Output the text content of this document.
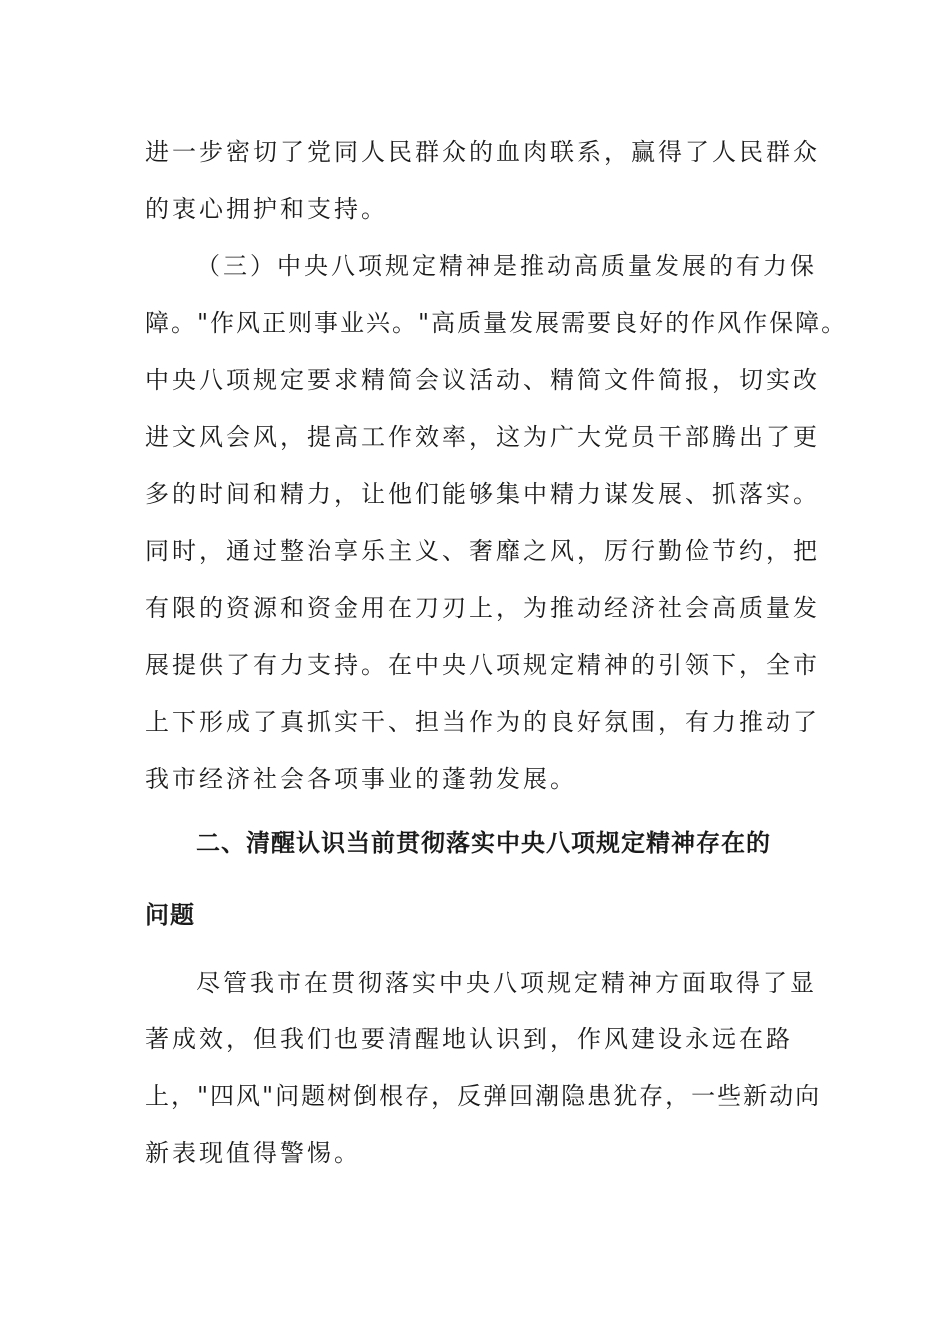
进一步密切了党同人民群众的血肉联系，赢得了人民群众
的衷心拥护和支持。
（三）中央八项规定精神是推动高质量发展的有力保
障。"作风正则事业兴。"高质量发展需要良好的作风作保障。
中央八项规定要求精简会议活动、精简文件简报，切实改
进文风会风，提高工作效率，这为广大党员干部腾出了更
多的时间和精力，让他们能够集中精力谋发展、抓落实。
同时，通过整治享乐主义、奢靡之风，厉行勤俭节约，把
有限的资源和资金用在刀刃上，为推动经济社会高质量发
展提供了有力支持。在中央八项规定精神的引领下，全市
上下形成了真抓实干、担当作为的良好氛围，有力推动了
我市经济社会各项事业的蓬勃发展。
二、清醒认识当前贯彻落实中央八项规定精神存在的
问题
尽管我市在贯彻落实中央八项规定精神方面取得了显
著成效，但我们也要清醒地认识到，作风建设永远在路
上，"四风"问题树倒根存，反弹回潮隐患犹存，一些新动向
新表现值得警惕。
